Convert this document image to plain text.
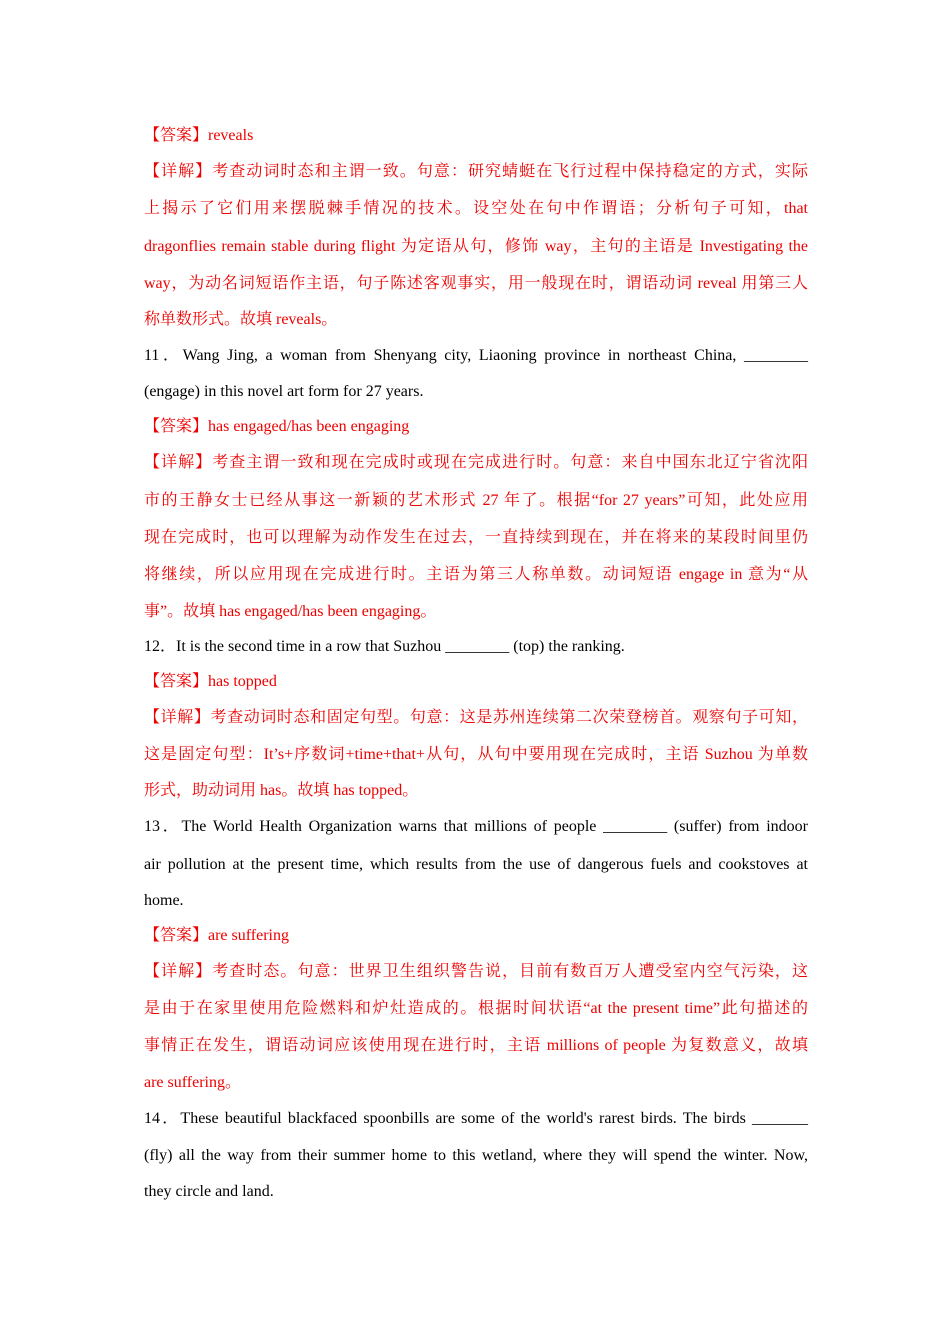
【答案】reveals
【详解】考查动词时态和主谓一致。句意：研究蜻蜓在飞行过程中保持稳定的方式，实际
上揭示了它们用来摆脱棘手情况的技术。设空处在句中作谓语；分析句子可知，that
dragonflies remain stable during flight 为定语从句，修饰 way，主句的主语是 Investigating the
way，为动名词短语作主语，句子陈述客观事实，用一般现在时，谓语动词 reveal 用第三人
称单数形式。故填 reveals。
11．Wang Jing, a woman from Shenyang city, Liaoning province in northeast China, ________
(engage) in this novel art form for 27 years.
【答案】has engaged/has been engaging
【详解】考查主谓一致和现在完成时或现在完成进行时。句意：来自中国东北辽宁省沈阳
市的王静女士已经从事这一新颖的艺术形式 27 年了。根据“for 27 years”可知，此处应用
现在完成时，也可以理解为动作发生在过去，一直持续到现在，并在将来的某段时间里仍
将继续，所以应用现在完成进行时。主语为第三人称单数。动词短语 engage in 意为“从
事”。故填 has engaged/has been engaging。
12．It is the second time in a row that Suzhou ________ (top) the ranking.
【答案】has topped
【详解】考查动词时态和固定句型。句意：这是苏州连续第二次荣登榜首。观察句子可知，
这是固定句型：It’s+序数词+time+that+从句，从句中要用现在完成时，主语 Suzhou 为单数
形式，助动词用 has。故填 has topped。
13．The World Health Organization warns that millions of people ________ (suffer) from indoor
air pollution at the present time, which results from the use of dangerous fuels and cookstoves at
home.
【答案】are suffering
【详解】考查时态。句意：世界卫生组织警告说，目前有数百万人遭受室内空气污染，这
是由于在家里使用危险燃料和炉灶造成的。根据时间状语“at the present time”此句描述的
事情正在发生，谓语动词应该使用现在进行时，主语 millions of people 为复数意义，故填
are suffering。
14．These beautiful blackfaced spoonbills are some of the world's rarest birds. The birds _______
(fly) all the way from their summer home to this wetland, where they will spend the winter. Now,
they circle and land.
